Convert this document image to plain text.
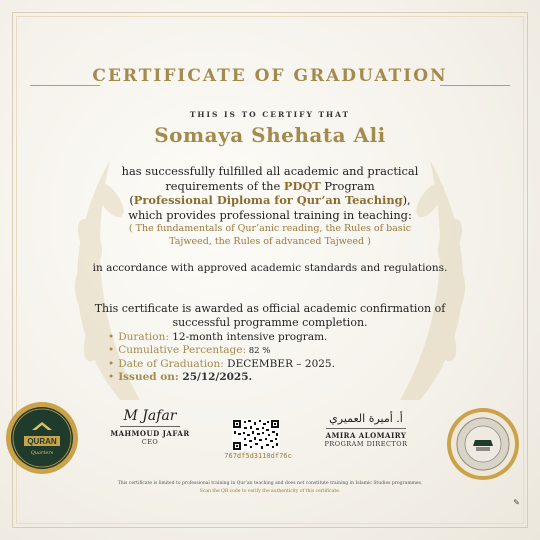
CERTIFICATE OF GRADUATION
THIS IS TO CERTIFY THAT
Somaya Shehata Ali
has successfully fulfilled all academic and practical
requirements of the PDQT Program
(Professional Diploma for Qur’an Teaching),
which provides professional training in teaching:
( The fundamentals of Qur’anic reading, the Rules of basic
Tajweed, the Rules of advanced Tajweed )
in accordance with approved academic standards and regulations.
This certificate is awarded as official academic confirmation of
successful programme completion.
• Duration: 12-month intensive program.
• Cumulative Percentage: 82 %
• Date of Graduation: DECEMBER – 2025.
• Issued on: 25/12/2025.
QURAN
Quarters
M Jafar
MAHMOUD JAFAR
CEO
767df5d3110df76c
أ. أميرة العميري
AMIRA ALOMAIRY
PROGRAM DIRECTOR
This certificate is limited to professional training in Qur’an teaching and does not constitute training in Islamic Studies programmes.
Scan the QR code to verify the authenticity of this certificate.
✎
